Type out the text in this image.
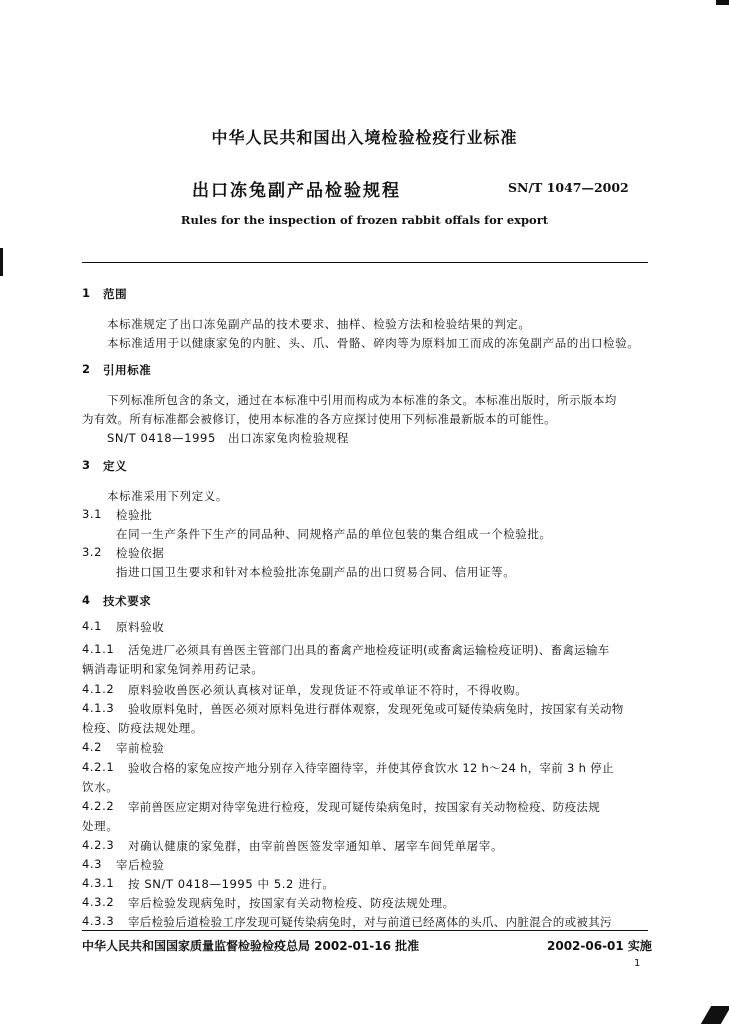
中华人民共和国出入境检验检疫行业标准
出口冻兔副产品检验规程	SN/T 1047—2002
Rules for the inspection of frozen rabbit offals for export
1 范围
本标准规定了出口冻兔副产品的技术要求、抽样、检验方法和检验结果的判定。
本标准适用于以健康家兔的内脏、头、爪、骨骼、碎肉等为原料加工而成的冻兔副产品的出口检验。
2 引用标准
下列标准所包含的条文，通过在本标准中引用而构成为本标准的条文。本标准出版时，所示版本均
为有效。所有标准都会被修订，使用本标准的各方应探讨使用下列标准最新版本的可能性。
SN/T 0418—1995　出口冻家兔肉检验规程
3 定义
本标准采用下列定义。
3.1 检验批
在同一生产条件下生产的同品种、同规格产品的单位包装的集合组成一个检验批。
3.2 检验依据
指进口国卫生要求和针对本检验批冻兔副产品的出口贸易合同、信用证等。
4 技术要求
4.1 原料验收
4.1.1 活兔进厂必须具有兽医主管部门出具的畜禽产地检疫证明(或畜禽运输检疫证明)、畜禽运输车
辆消毒证明和家兔饲养用药记录。
4.1.2 原料验收兽医必须认真核对证单，发现货证不符或单证不符时，不得收购。
4.1.3 验收原料兔时，兽医必须对原料兔进行群体观察，发现死兔或可疑传染病兔时，按国家有关动物
检疫、防疫法规处理。
4.2 宰前检验
4.2.1 验收合格的家兔应按产地分别存入待宰圈待宰，并使其停食饮水 12 h～24 h，宰前 3 h 停止
饮水。
4.2.2 宰前兽医应定期对待宰兔进行检疫，发现可疑传染病兔时，按国家有关动物检疫、防疫法规
处理。
4.2.3 对确认健康的家兔群，由宰前兽医签发宰通知单、屠宰车间凭单屠宰。
4.3 宰后检验
4.3.1 按 SN/T 0418—1995 中 5.2 进行。
4.3.2 宰后检验发现病兔时，按国家有关动物检疫、防疫法规处理。
4.3.3 宰后检验后道检验工序发现可疑传染病兔时，对与前道已经离体的头爪、内脏混合的或被其污
中华人民共和国国家质量监督检验检疫总局 2002-01-16 批准	2002-06-01 实施
1
